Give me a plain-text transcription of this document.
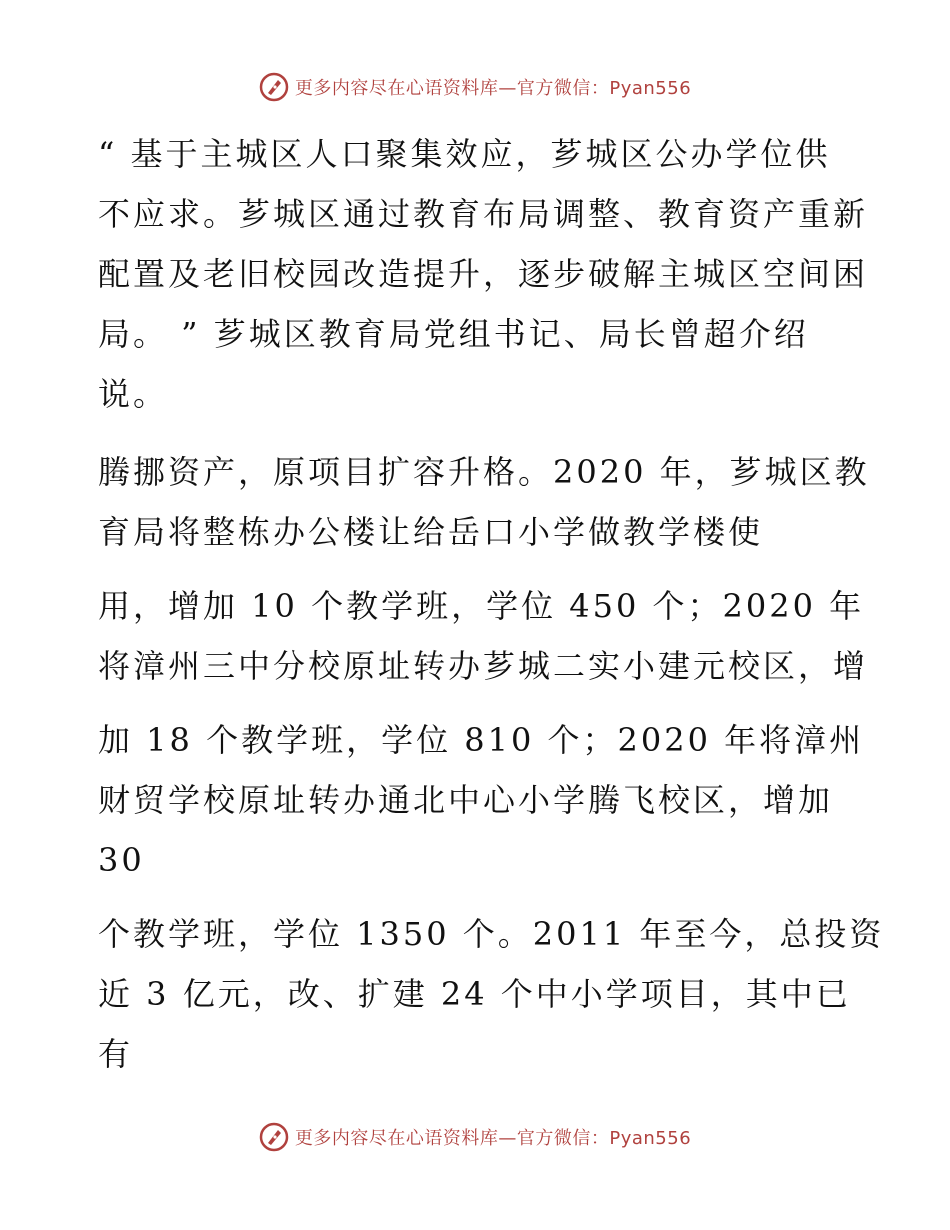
更多内容尽在心语资料库—官方微信：Pyan556
“ 基于主城区人口聚集效应，芗城区公办学位供
不应求。芗城区通过教育布局调整、教育资产重新
配置及老旧校园改造提升，逐步破解主城区空间困
局。 ” 芗城区教育局党组书记、局长曾超介绍
说。
腾挪资产，原项目扩容升格。2020 年，芗城区教
育局将整栋办公楼让给岳口小学做教学楼使
用，增加 10 个教学班，学位 450 个；2020 年
将漳州三中分校原址转办芗城二实小建元校区，增
加 18 个教学班，学位 810 个；2020 年将漳州
财贸学校原址转办通北中心小学腾飞校区，增加
30
个教学班，学位 1350 个。2011 年至今，总投资
近 3 亿元，改、扩建 24 个中小学项目，其中已
有
更多内容尽在心语资料库—官方微信：Pyan556
